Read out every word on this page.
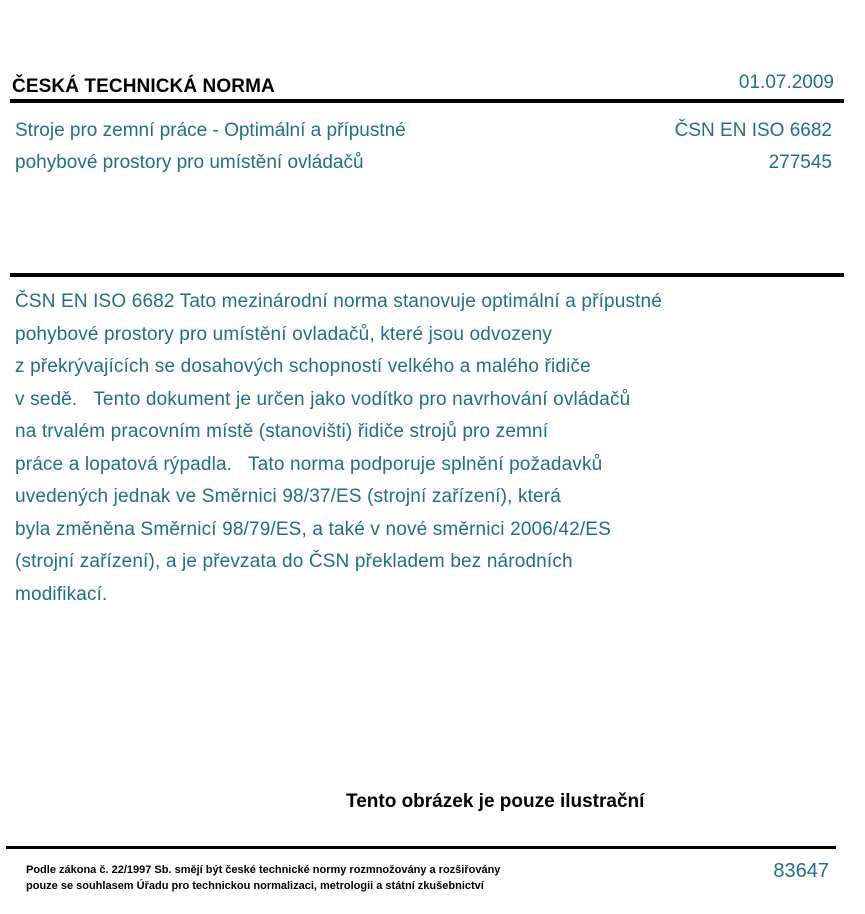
ČESKÁ TECHNICKÁ NORMA	01.07.2009
Stroje pro zemní práce - Optimální a přípustné
pohybové prostory pro umístění ovládačů
ČSN EN ISO 6682
277545
ČSN EN ISO 6682 Tato mezinárodní norma stanovuje optimální a přípustné
pohybové prostory pro umístění ovladačů, které jsou odvozeny
z překrývajících se dosahových schopností velkého a malého řidiče
v sedě.   Tento dokument je určen jako vodítko pro navrhování ovládačů
na trvalém pracovním místě (stanovišti) řidiče strojů pro zemní
práce a lopatová rýpadla.   Tato norma podporuje splnění požadavků
uvedených jednak ve Směrnici 98/37/ES (strojní zařízení), která
byla změněna Směrnicí 98/79/ES, a také v nové směrnici 2006/42/ES
(strojní zařízení), a je převzata do ČSN překladem bez národních
modifikací.
Tento obrázek je pouze ilustrační
Podle zákona č. 22/1997 Sb. smějí být české technické normy rozmnožovány a rozšiřovány
pouze se souhlasem Úřadu pro technickou normalizaci, metrologii a státní zkušebnictví
83647
